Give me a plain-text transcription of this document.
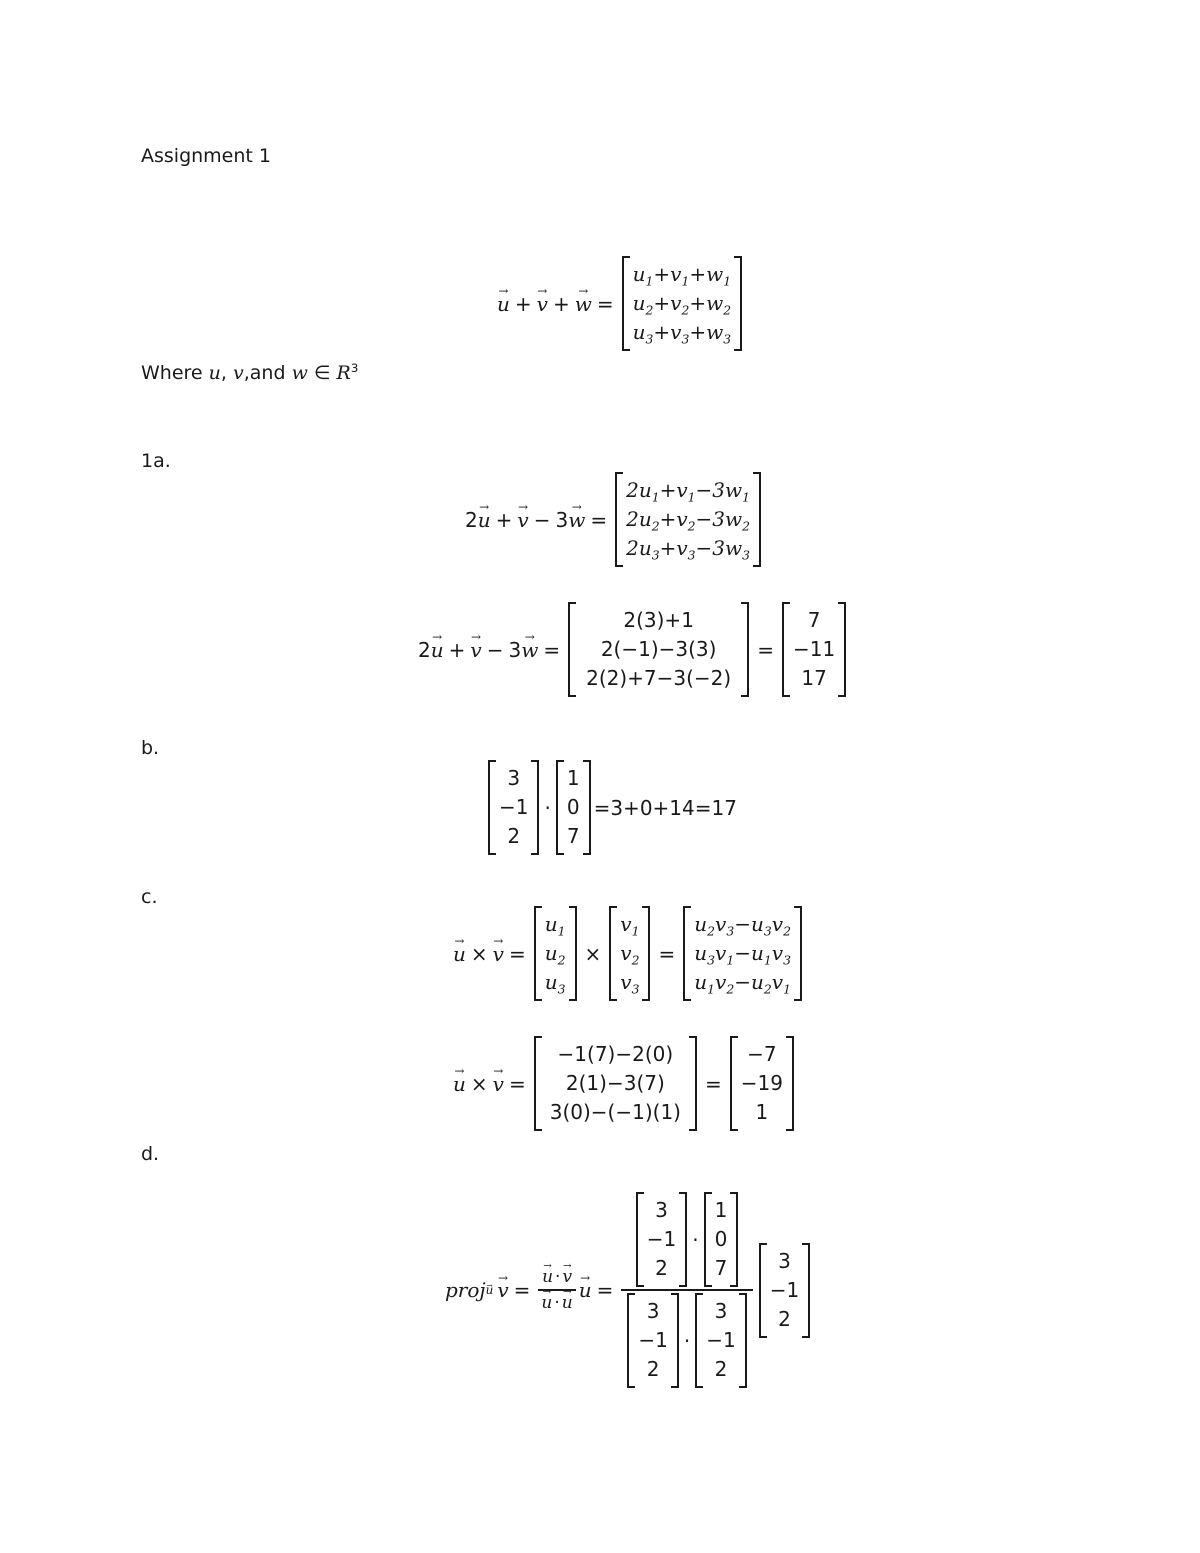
Assignment 1
→ u + → v + → w =
$u_1+v_1+w_1$
$u_2+v_2+w_2$
$u_3+v_3+w_3$
Where u, v,and w ∈ $R^3$
1a.
2 → u + → v − 3 → w =
$2u_1+v_1-3w_1$
$2u_2+v_2-3w_2$
$2u_3+v_3-3w_3$
2 → u + → v − 3 → w =
2(3)+1
2(−1)−3(3)
2(2)+7−3(−2)
=
7
−11
17
b.
3
−1
2
·
1
0
7
=3+0+14=17
c.
→ u × → v =
$u_1$
$u_2$
$u_3$
×
$v_1$
$v_2$
$v_3$
=
$u_2v_3-u_3v_2$
$u_3v_1-u_1v_3$
$u_1v_2-u_2v_1$
→ u × → v =
−1(7)−2(0)
2(1)−3(7)
3(0)−(−1)(1)
=
−7
−19
1
d.
proj u → v = → u · → v
→ u · → u → u =
3
−1
2
·
1
0
7
3
−1
2
·
3
−1
2
3
−1
2
